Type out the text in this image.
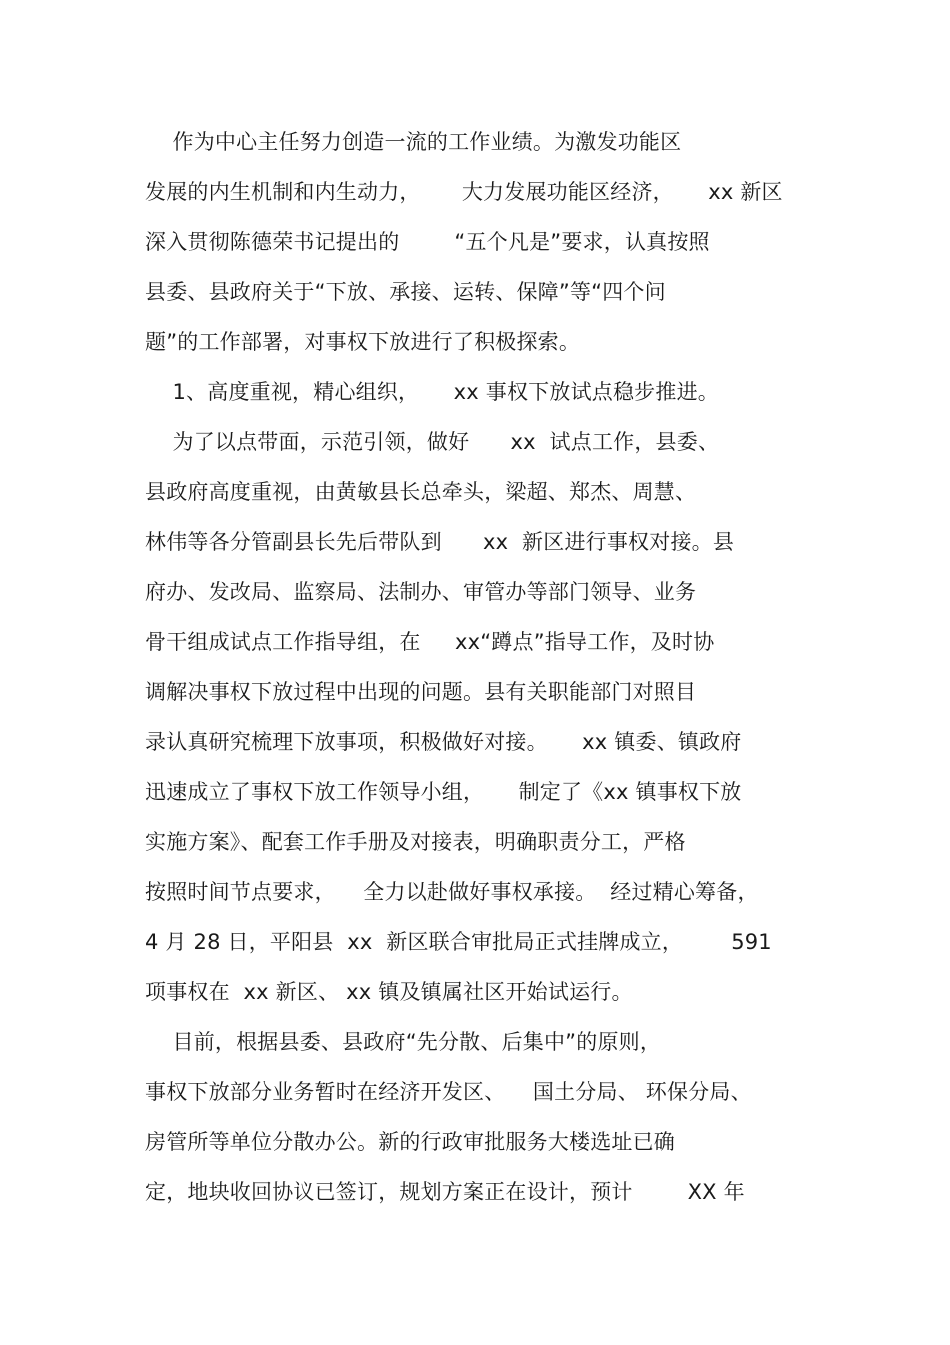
作为中心主任努力创造一流的工作业绩。为激发功能区
发展的内生机制和内生动力，      大力发展功能区经济，     xx 新区
深入贯彻陈德荣书记提出的        “五个凡是”要求，认真按照
县委、县政府关于“下放、承接、运转、保障”等“四个问
题”的工作部署，对事权下放进行了积极探索。
1、高度重视，精心组织，     xx 事权下放试点稳步推进。
为了以点带面，示范引领，做好      xx  试点工作，县委、
县政府高度重视，由黄敏县长总牵头，梁超、郑杰、周慧、
林伟等各分管副县长先后带队到      xx  新区进行事权对接。县
府办、发改局、监察局、法制办、审管办等部门领导、业务
骨干组成试点工作指导组，在     xx“蹲点”指导工作，及时协
调解决事权下放过程中出现的问题。县有关职能部门对照目
录认真研究梳理下放事项，积极做好对接。     xx 镇委、镇政府
迅速成立了事权下放工作领导小组，     制定了《xx 镇事权下放
实施方案》、配套工作手册及对接表，明确职责分工，严格
按照时间节点要求，    全力以赴做好事权承接。  经过精心筹备，
4 月 28 日，平阳县  xx  新区联合审批局正式挂牌成立，       591
项事权在  xx 新区、 xx 镇及镇属社区开始试运行。
目前，根据县委、县政府“先分散、后集中”的原则，
事权下放部分业务暂时在经济开发区、    国土分局、 环保分局、
房管所等单位分散办公。新的行政审批服务大楼选址已确
定，地块收回协议已签订，规划方案正在设计，预计        XX 年
